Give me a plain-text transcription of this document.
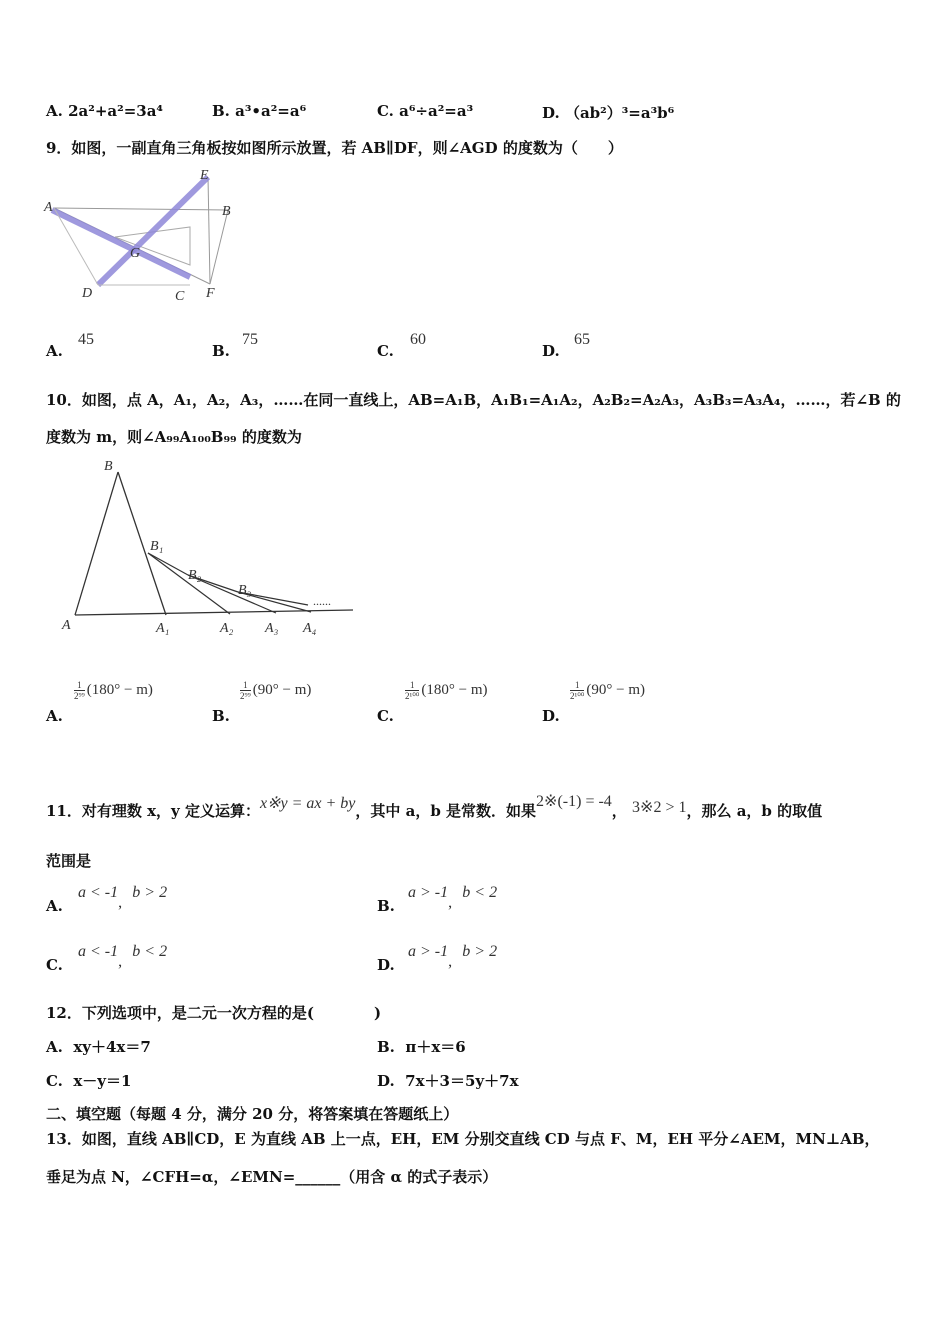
A. 2a²+a²=3a⁴	B. a³•a²=a⁶	C. a⁶÷a²=a³	D. （ab²）³=a³b⁶
9．如图，一副直角三角板按如图所示放置，若 AB∥DF，则∠AGD 的度数为（　　）
A	B
E
G
D	C F
A.
45
B.
75
C.
60
D.
65
10．如图，点 A，A₁，A₂，A₃，……在同一直线上，AB=A₁B，A₁B₁=A₁A₂，A₂B₂=A₂A₃，A₃B₃=A₃A₄，……，若∠B 的
度数为 m，则∠A₉₉A₁₀₀B₉₉ 的度数为
B
B₁
B₂
B₃
......
A	A₁	A₂ A₃ A₄
A.
$\frac{1}{\text{2⁹⁹}} (180^\circ - m)$
B.
$\frac{1}{\text{2⁹⁹}} (90^\circ - m)$
C.
$\frac{1}{\text{2¹⁰⁰}} (180^\circ - m)$
D.
$\frac{1}{\text{2¹⁰⁰}} (90^\circ - m)$
11．对有理数 x，y 定义运算：x※y = ax + by，其中 a，b 是常数．如果2※(-1) = -4， 3※2 > 1，那么 a，b 的取值
范围是
A.
a < -1,  b > 2
B.
a > -1,  b < 2
C.
a < -1,  b < 2
D.
a > -1,  b > 2
12．下列选项中，是二元一次方程的是(　　　　)
A. xy＋4x＝7	B. π＋x＝6
C. x－y＝1	D. 7x＋3＝5y＋7x
二、填空题（每题 4 分，满分 20 分，将答案填在答题纸上）
13．如图，直线 AB∥CD，E 为直线 AB 上一点，EH，EM 分别交直线 CD 与点 F、M，EH 平分∠AEM，MN⊥AB，
垂足为点 N，∠CFH=α，∠EMN=______（用含 α 的式子表示）
